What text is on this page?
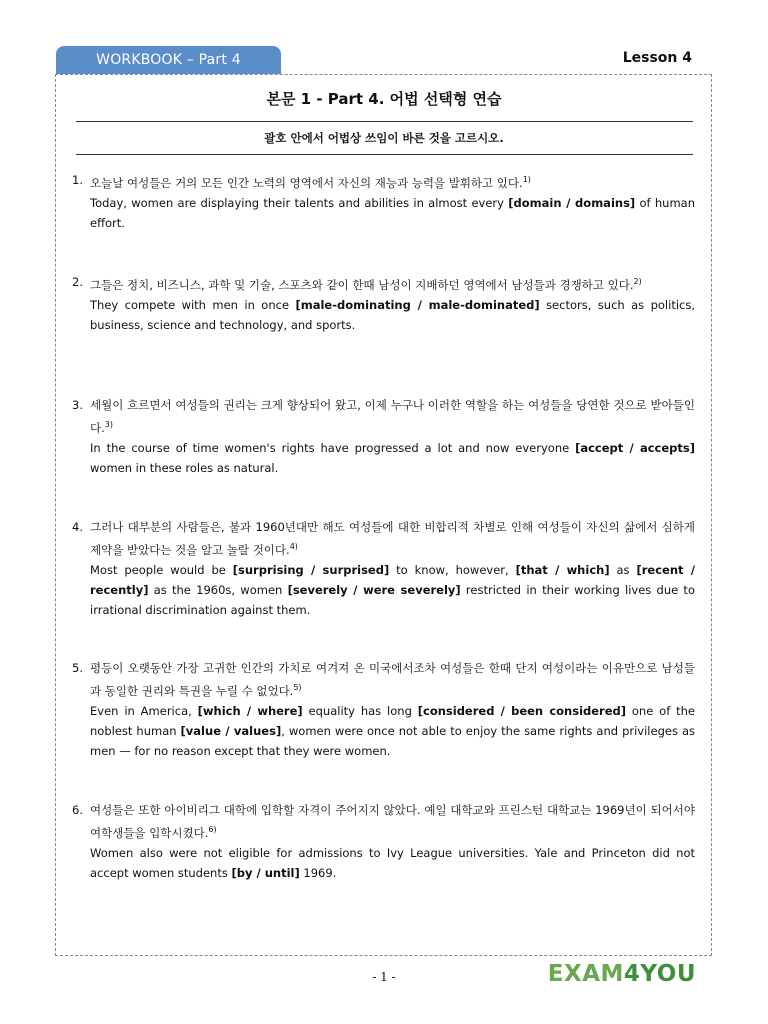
WORKBOOK – Part 4	Lesson 4
본문 1 - Part 4. 어법 선택형 연습
괄호 안에서 어법상 쓰임이 바른 것을 고르시오.
1. 오늘날 여성들은 거의 모든 인간 노력의 영역에서 자신의 재능과 능력을 발휘하고 있다.$^{1)}$
Today, women are displaying their talents and abilities in almost every [domain / domains] of human effort.
2. 그들은 정치, 비즈니스, 과학 및 기술, 스포츠와 같이 한때 남성이 지배하던 영역에서 남성들과 경쟁하고 있다.$^{2)}$
They compete with men in once [male-dominating / male-dominated] sectors, such as politics, business, science and technology, and sports.
3. 세월이 흐르면서 여성들의 권리는 크게 향상되어 왔고, 이제 누구나 이러한 역할을 하는 여성들을 당연한 것으로 받아들인다.$^{3)}$
In the course of time women's rights have progressed a lot and now everyone [accept / accepts] women in these roles as natural.
4. 그러나 대부분의 사람들은, 불과 1960년대만 해도 여성들에 대한 비합리적 차별로 인해 여성들이 자신의 삶에서 심하게 제약을 받았다는 것을 알고 놀랄 것이다.$^{4)}$
Most people would be [surprising / surprised] to know, however, [that / which] as [recent / recently] as the 1960s, women [severely / were severely] restricted in their working lives due to irrational discrimination against them.
5. 평등이 오랫동안 가장 고귀한 인간의 가치로 여겨져 온 미국에서조차 여성들은 한때 단지 여성이라는 이유만으로 남성들과 동일한 권리와 특권을 누릴 수 없었다.$^{5)}$
Even in America, [which / where] equality has long [considered / been considered] one of the noblest human [value / values], women were once not able to enjoy the same rights and privileges as men — for no reason except that they were women.
6. 여성들은 또한 아이비리그 대학에 입학할 자격이 주어지지 않았다. 예일 대학교와 프린스턴 대학교는 1969년이 되어서야 여학생들을 입학시켰다.$^{6)}$
Women also were not eligible for admissions to Ivy League universities. Yale and Princeton did not accept women students [by / until] 1969.
- 1 -	EXAM4YOU
